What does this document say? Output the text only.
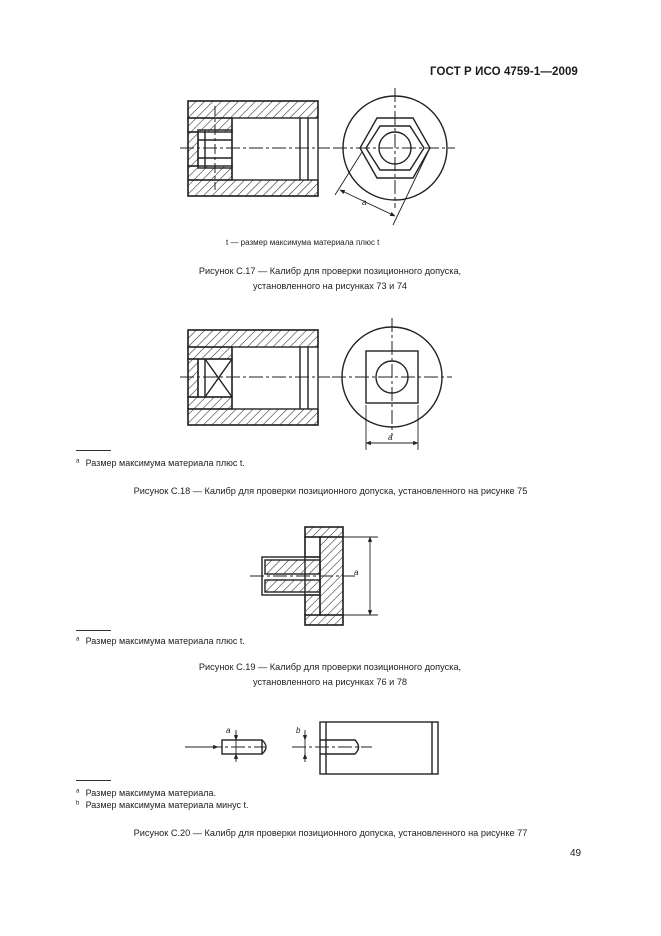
ГОСТ Р ИСО 4759-1—2009
a
a
a
a	b
t — размер максимума материала плюс t
Рисунок С.17 — Калибр для проверки позиционного допуска,
установленного на рисунках 73 и 74
$^a$ Размер максимума материала плюс t.
Рисунок С.18 — Калибр для проверки позиционного допуска, установленного на рисунке 75
$^a$ Размер максимума материала плюс t.
Рисунок С.19 — Калибр для проверки позиционного допуска,
установленного на рисунках 76 и 78
$^a$ Размер максимума материала.
$^b$ Размер максимума материала минус t.
Рисунок С.20 — Калибр для проверки позиционного допуска, установленного на рисунке 77
49
